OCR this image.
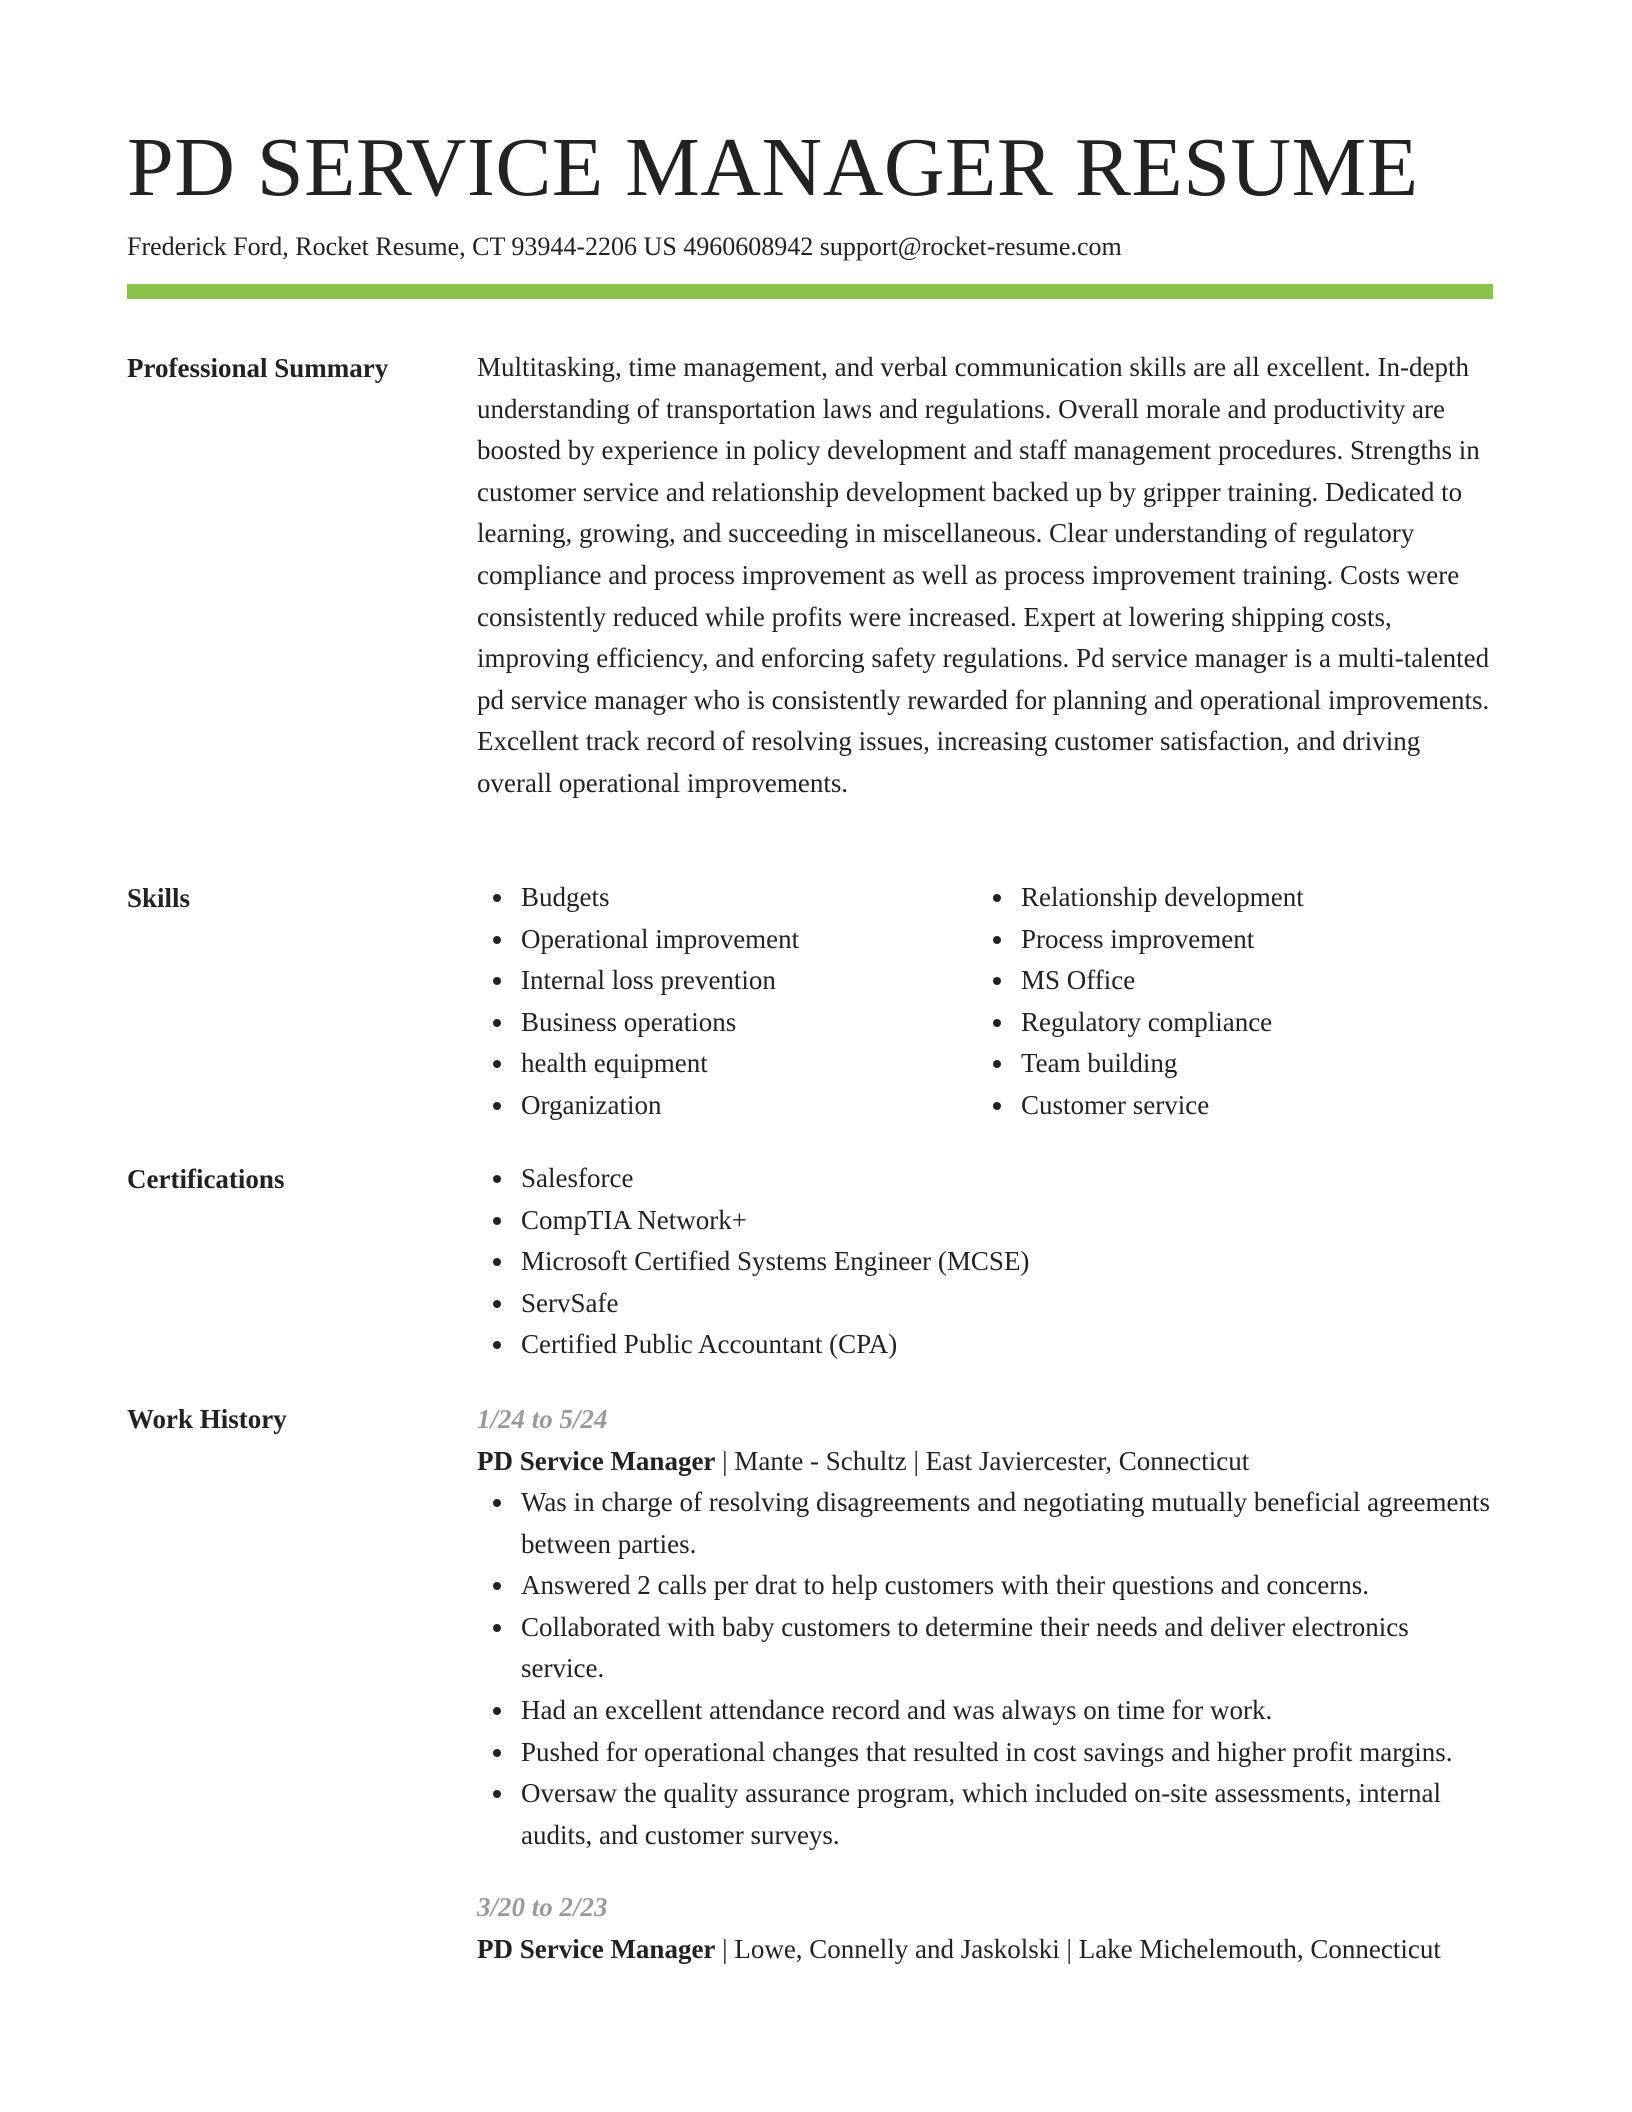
PD SERVICE MANAGER RESUME
Frederick Ford, Rocket Resume, CT 93944-2206 US 4960608942 support@rocket-resume.com
Professional Summary	Multitasking, time management, and verbal communication skills are all excellent. In-depth understanding of transportation laws and regulations. Overall morale and productivity are boosted by experience in policy development and staff management procedures. Strengths in customer service and relationship development backed up by gripper training. Dedicated to learning, growing, and succeeding in miscellaneous. Clear understanding of regulatory compliance and process improvement as well as process improvement training. Costs were consistently reduced while profits were increased. Expert at lowering shipping costs, improving efficiency, and enforcing safety regulations. Pd service manager is a multi-talented pd service manager who is consistently rewarded for planning and operational improvements. Excellent track record of resolving issues, increasing customer satisfaction, and driving overall operational improvements.

Skills	Budgets
Operational improvement
Internal loss prevention
Business operations
health equipment
Organization
Relationship development
Process improvement
MS Office
Regulatory compliance
Team building
Customer service
Certifications	Salesforce
CompTIA Network+
Microsoft Certified Systems Engineer (MCSE)
ServSafe
Certified Public Accountant (CPA)
Work History	1/24 to 5/24
PD Service Manager | Mante - Schultz | East Javiercester, Connecticut
Was in charge of resolving disagreements and negotiating mutually beneficial agreements between parties.
Answered 2 calls per drat to help customers with their questions and concerns.
Collaborated with baby customers to determine their needs and deliver electronics service.
Had an excellent attendance record and was always on time for work.
Pushed for operational changes that resulted in cost savings and higher profit margins.
Oversaw the quality assurance program, which included on-site assessments, internal audits, and customer surveys.
3/20 to 2/23
PD Service Manager | Lowe, Connelly and Jaskolski | Lake Michelemouth, Connecticut
